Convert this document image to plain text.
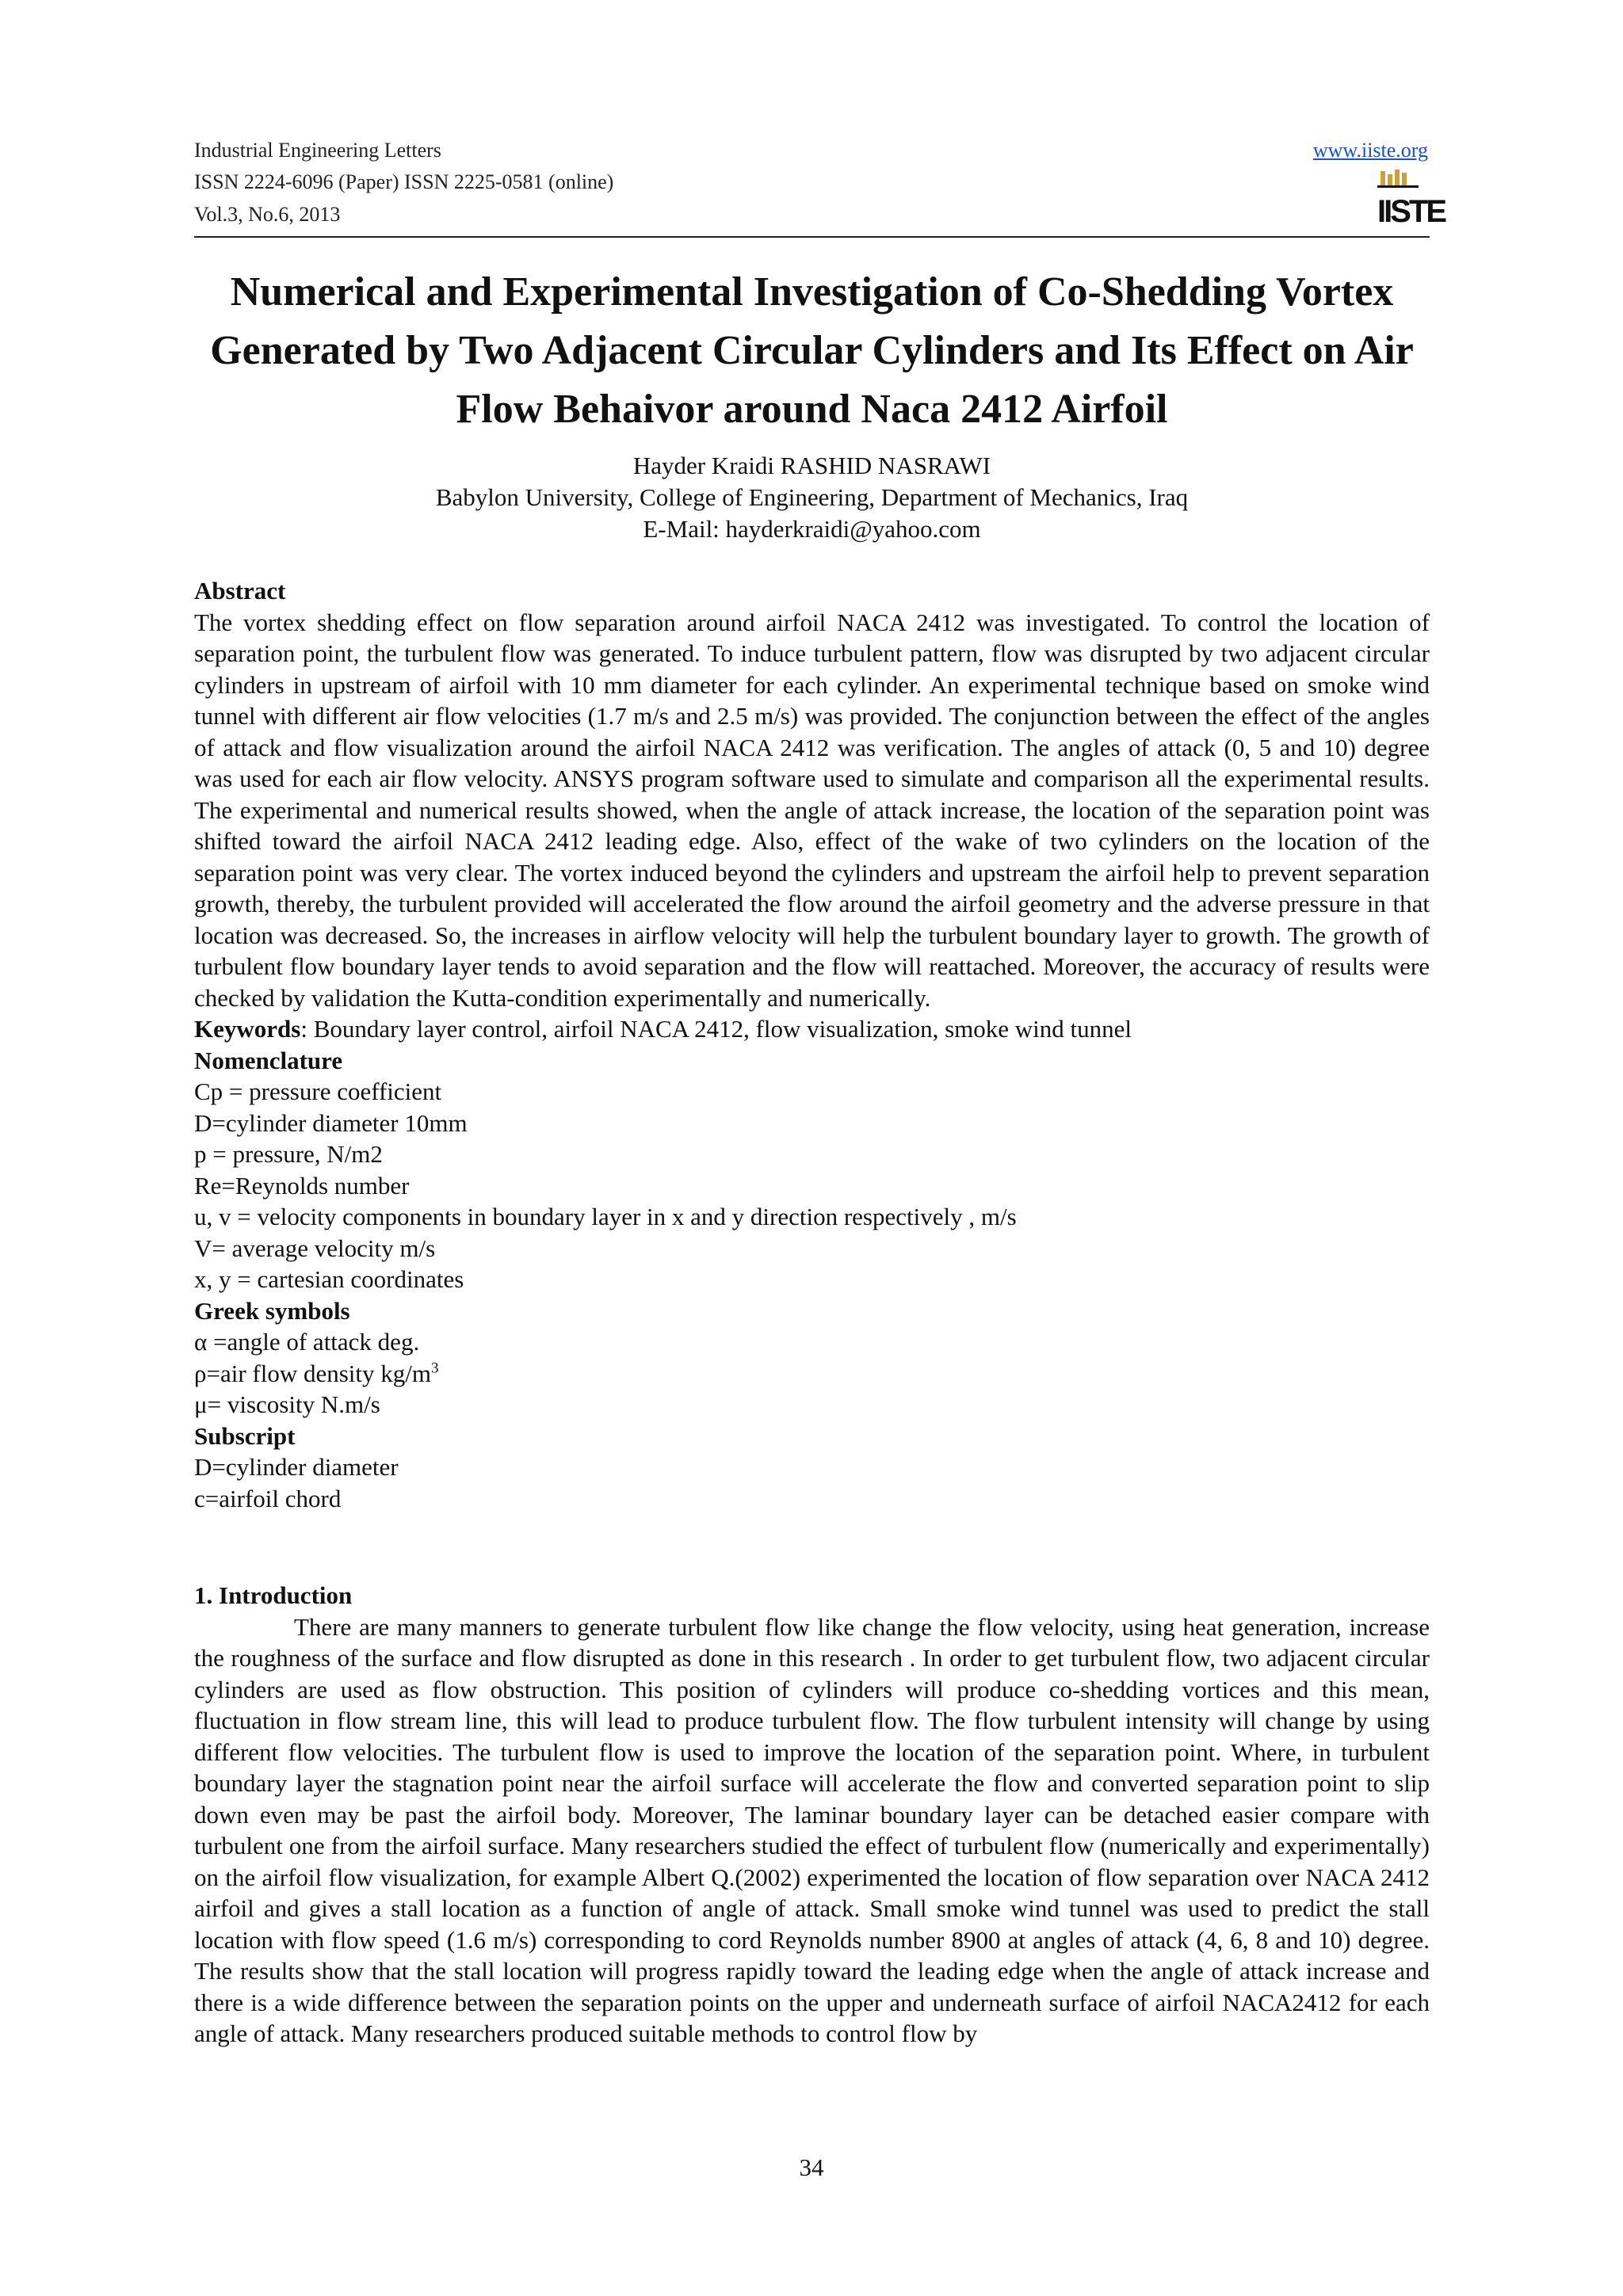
Industrial Engineering Letters
ISSN 2224-6096 (Paper) ISSN 2225-0581 (online)
Vol.3, No.6, 2013
www.iiste.org
IISTE
Numerical and Experimental Investigation of Co-Shedding Vortex Generated by Two Adjacent Circular Cylinders and Its Effect on Air Flow Behaivor around Naca 2412 Airfoil
Hayder Kraidi RASHID NASRAWI
Babylon University, College of Engineering, Department of Mechanics, Iraq
E-Mail: hayderkraidi@yahoo.com
Abstract

The vortex shedding effect on flow separation around airfoil NACA 2412 was investigated. To control the location of separation point, the turbulent flow was generated. To induce turbulent pattern, flow was disrupted by two adjacent circular cylinders in upstream of airfoil with 10 mm diameter for each cylinder. An experimental technique based on smoke wind tunnel with different air flow velocities (1.7 m/s and 2.5 m/s) was provided. The conjunction between the effect of the angles of attack and flow visualization around the airfoil NACA 2412 was verification. The angles of attack (0, 5 and 10) degree was used for each air flow velocity. ANSYS program software used to simulate and comparison all the experimental results. The experimental and numerical results showed, when the angle of attack increase, the location of the separation point was shifted toward the airfoil NACA 2412 leading edge. Also, effect of the wake of two cylinders on the location of the separation point was very clear. The vortex induced beyond the cylinders and upstream the airfoil help to prevent separation growth, thereby, the turbulent provided will accelerated the flow around the airfoil geometry and the adverse pressure in that location was decreased. So, the increases in airflow velocity will help the turbulent boundary layer to growth. The growth of turbulent flow boundary layer tends to avoid separation and the flow will reattached. Moreover, the accuracy of results were checked by validation the Kutta-condition experimentally and numerically.

Keywords: Boundary layer control, airfoil NACA 2412, flow visualization, smoke wind tunnel
Nomenclature
Cp = pressure coefficient
D=cylinder diameter 10mm
p = pressure, N/m2
Re=Reynolds number
u, v = velocity components in boundary layer in x and y direction respectively , m/s
V= average velocity m/s
x, y = cartesian coordinates
Greek symbols
α =angle of attack deg.
ρ=air flow density $kg/m^3$
μ= viscosity N.m/s
Subscript
D=cylinder diameter
c=airfoil chord
1. Introduction

There are many manners to generate turbulent flow like change the flow velocity, using heat generation, increase the roughness of the surface and flow disrupted as done in this research . In order to get turbulent flow, two adjacent circular cylinders are used as flow obstruction. This position of cylinders will produce co-shedding vortices and this mean, fluctuation in flow stream line, this will lead to produce turbulent flow. The flow turbulent intensity will change by using different flow velocities. The turbulent flow is used to improve the location of the separation point. Where, in turbulent boundary layer the stagnation point near the airfoil surface will accelerate the flow and converted separation point to slip down even may be past the airfoil body. Moreover, The laminar boundary layer can be detached easier compare with turbulent one from the airfoil surface. Many researchers studied the effect of turbulent flow (numerically and experimentally) on the airfoil flow visualization, for example Albert Q.(2002) experimented the location of flow separation over NACA 2412 airfoil and gives a stall location as a function of angle of attack. Small smoke wind tunnel was used to predict the stall location with flow speed (1.6 m/s) corresponding to cord Reynolds number 8900 at angles of attack (4, 6, 8 and 10) degree. The results show that the stall location will progress rapidly toward the leading edge when the angle of attack increase and there is a wide difference between the separation points on the upper and underneath surface of airfoil NACA2412 for each angle of attack. Many researchers produced suitable methods to control flow by

34
